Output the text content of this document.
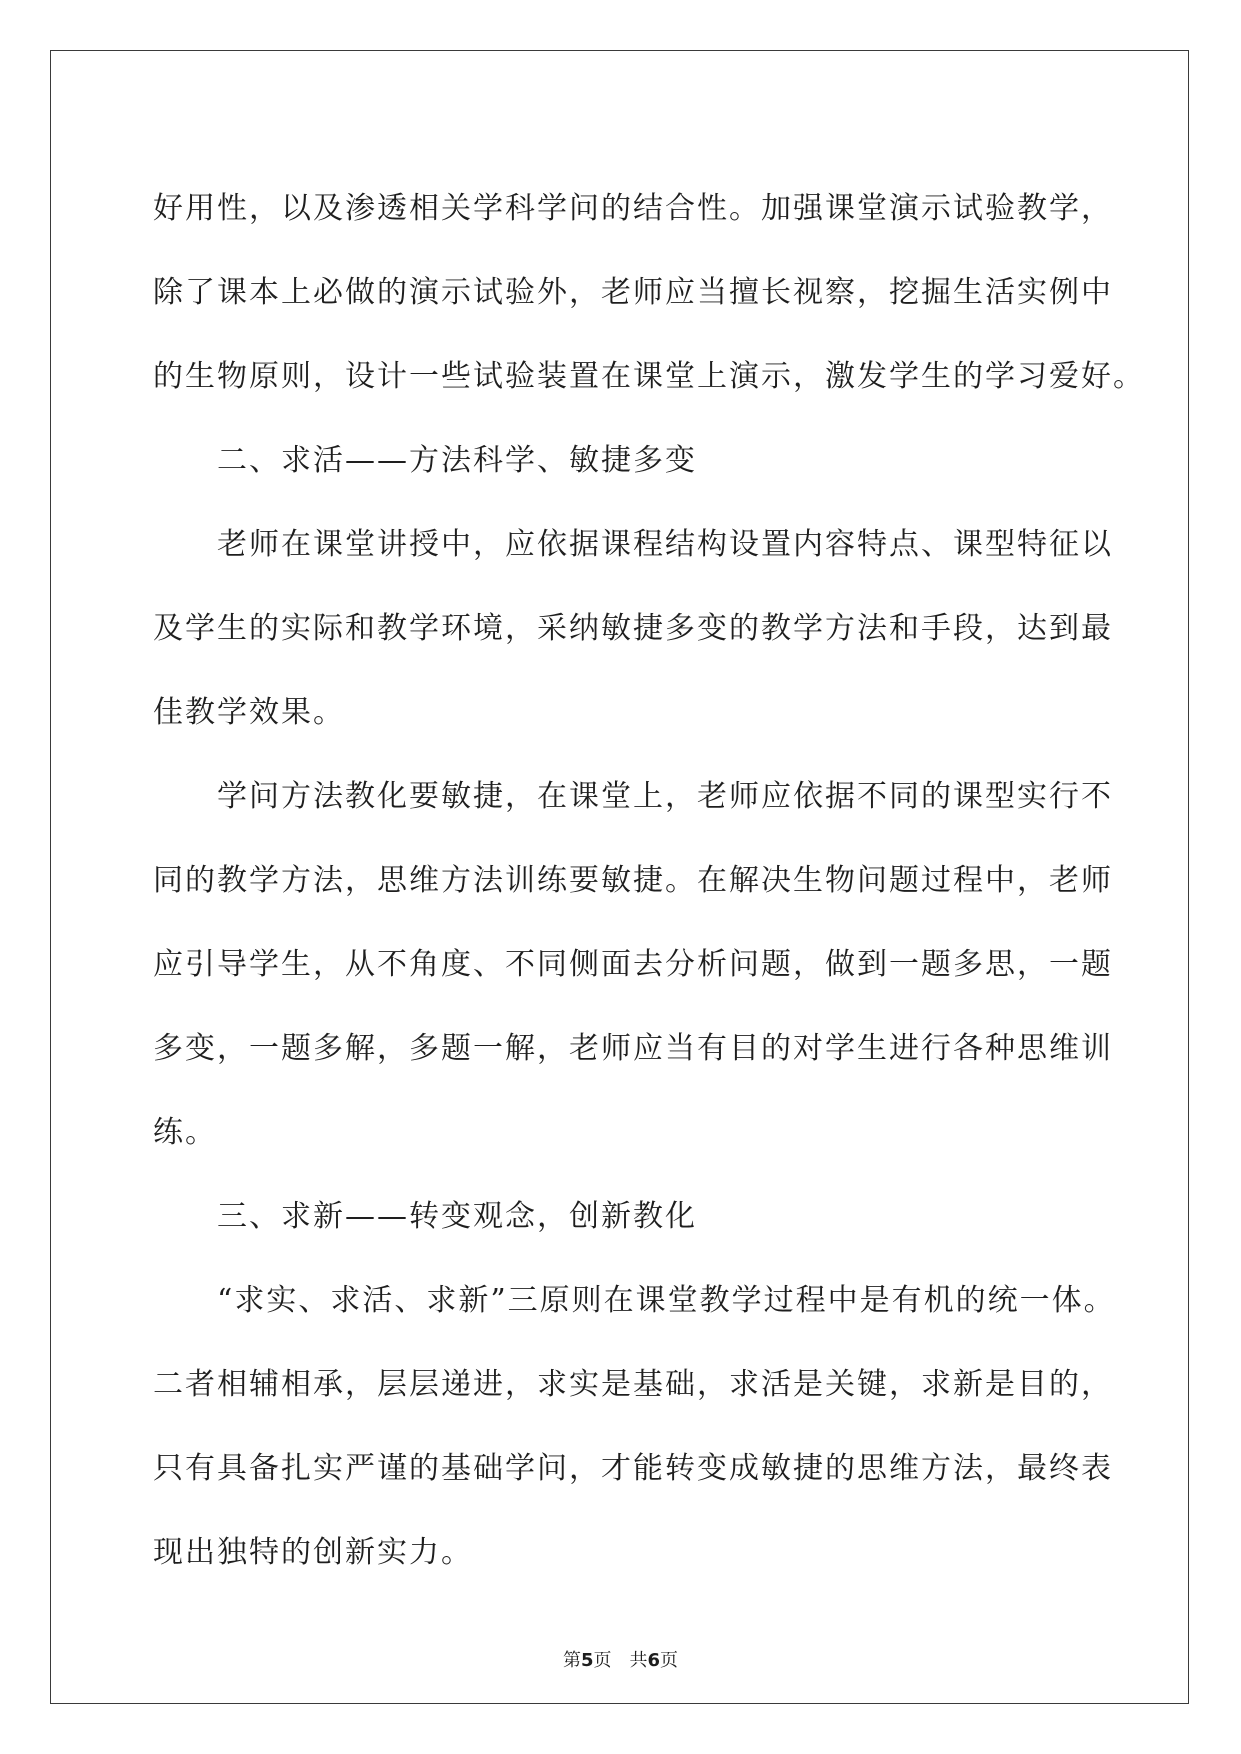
好用性，以及渗透相关学科学问的结合性。加强课堂演示试验教学，
除了课本上必做的演示试验外，老师应当擅长视察，挖掘生活实例中
的生物原则，设计一些试验装置在课堂上演示，激发学生的学习爱好。
二、求活——方法科学、敏捷多变
老师在课堂讲授中，应依据课程结构设置内容特点、课型特征以
及学生的实际和教学环境，采纳敏捷多变的教学方法和手段，达到最
佳教学效果。
学问方法教化要敏捷，在课堂上，老师应依据不同的课型实行不
同的教学方法，思维方法训练要敏捷。在解决生物问题过程中，老师
应引导学生，从不角度、不同侧面去分析问题，做到一题多思，一题
多变，一题多解，多题一解，老师应当有目的对学生进行各种思维训
练。
三、求新——转变观念，创新教化
“求实、求活、求新”三原则在课堂教学过程中是有机的统一体。
二者相辅相承，层层递进，求实是基础，求活是关键，求新是目的，
只有具备扎实严谨的基础学问，才能转变成敏捷的思维方法，最终表
现出独特的创新实力。
第5页　共6页
